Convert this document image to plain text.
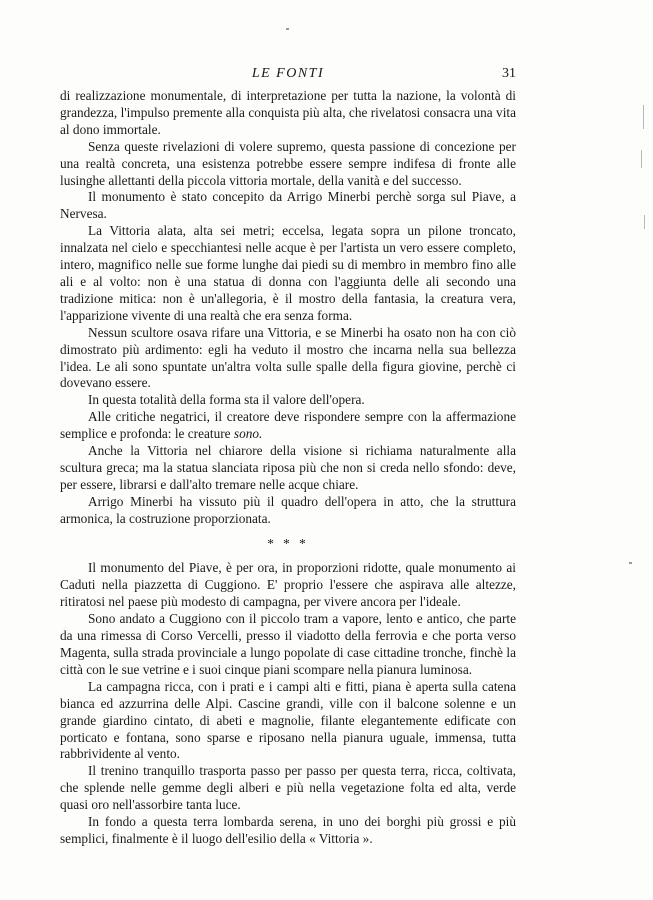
LE FONTI	31

di realizzazione monumentale, di interpretazione per tutta la nazione, la volontà di grandezza, l'impulso premente alla conquista più alta, che rivelatosi consacra una vita al dono immortale.

Senza queste rivelazioni di volere supremo, questa passione di concezione per una realtà concreta, una esistenza potrebbe essere sempre indifesa di fronte alle lusinghe allettanti della piccola vittoria mortale, della vanità e del successo.

Il monumento è stato concepito da Arrigo Minerbi perchè sorga sul Piave, a Nervesa.

La Vittoria alata, alta sei metri; eccelsa, legata sopra un pilone troncato, innalzata nel cielo e specchiantesi nelle acque è per l'artista un vero essere completo, intero, magnifico nelle sue forme lunghe dai piedi su di membro in membro fino alle ali e al volto: non è una statua di donna con l'aggiunta delle ali secondo una tradizione mitica: non è un'allegoria, è il mostro della fantasia, la creatura vera, l'apparizione vivente di una realtà che era senza forma.

Nessun scultore osava rifare una Vittoria, e se Minerbi ha osato non ha con ciò dimostrato più ardimento: egli ha veduto il mostro che incarna nella sua bellezza l'idea. Le ali sono spuntate un'altra volta sulle spalle della figura giovine, perchè ci dovevano essere.

In questa totalità della forma sta il valore dell'opera.

Alle critiche negatrici, il creatore deve rispondere sempre con la affermazione semplice e profonda: le creature sono.

Anche la Vittoria nel chiarore della visione si richiama naturalmente alla scultura greca; ma la statua slanciata riposa più che non si creda nello sfondo: deve, per essere, librarsi e dall'alto tremare nelle acque chiare.

Arrigo Minerbi ha vissuto più il quadro dell'opera in atto, che la struttura armonica, la costruzione proporzionata.

* * *

Il monumento del Piave, è per ora, in proporzioni ridotte, quale monumento ai Caduti nella piazzetta di Cuggiono. E' proprio l'essere che aspirava alle altezze, ritiratosi nel paese più modesto di campagna, per vivere ancora per l'ideale.

Sono andato a Cuggiono con il piccolo tram a vapore, lento e antico, che parte da una rimessa di Corso Vercelli, presso il viadotto della ferrovia e che porta verso Magenta, sulla strada provinciale a lungo popolate di case cittadine tronche, finchè la città con le sue vetrine e i suoi cinque piani scompare nella pianura luminosa.

La campagna ricca, con i prati e i campi alti e fitti, piana è aperta sulla catena bianca ed azzurrina delle Alpi. Cascine grandi, ville con il balcone solenne e un grande giardino cintato, di abeti e magnolie, filante elegantemente edificate con porticato e fontana, sono sparse e riposano nella pianura uguale, immensa, tutta rabbrividente al vento.

Il trenino tranquillo trasporta passo per passo per questa terra, ricca, coltivata, che splende nelle gemme degli alberi e più nella vegetazione folta ed alta, verde quasi oro nell'assorbire tanta luce.

In fondo a questa terra lombarda serena, in uno dei borghi più grossi e più semplici, finalmente è il luogo dell'esilio della « Vittoria ».
